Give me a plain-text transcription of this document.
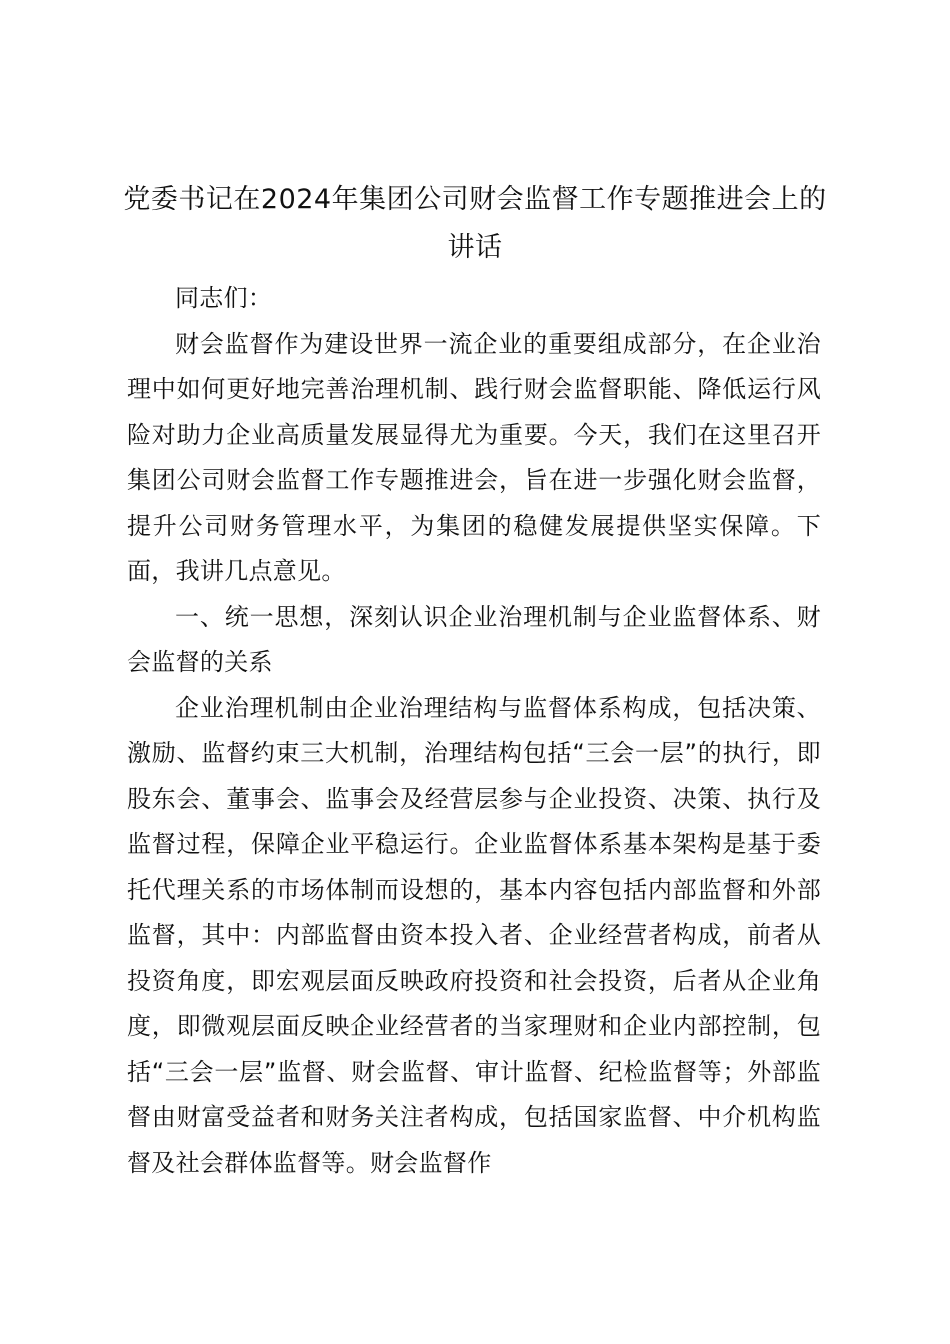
党委书记在2024年集团公司财会监督工作专题推进会上的讲话

同志们：

财会监督作为建设世界一流企业的重要组成部分，在企业治理中如何更好地完善治理机制、践行财会监督职能、降低运行风险对助力企业高质量发展显得尤为重要。今天，我们在这里召开集团公司财会监督工作专题推进会，旨在进一步强化财会监督，提升公司财务管理水平，为集团的稳健发展提供坚实保障。下面，我讲几点意见。

一、统一思想，深刻认识企业治理机制与企业监督体系、财会监督的关系

企业治理机制由企业治理结构与监督体系构成，包括决策、激励、监督约束三大机制，治理结构包括“三会一层”的执行，即股东会、董事会、监事会及经营层参与企业投资、决策、执行及监督过程，保障企业平稳运行。企业监督体系基本架构是基于委托代理关系的市场体制而设想的，基本内容包括内部监督和外部监督，其中：内部监督由资本投入者、企业经营者构成，前者从投资角度，即宏观层面反映政府投资和社会投资，后者从企业角度，即微观层面反映企业经营者的当家理财和企业内部控制，包括“三会一层”监督、财会监督、审计监督、纪检监督等；外部监督由财富受益者和财务关注者构成，包括国家监督、中介机构监督及社会群体监督等。财会监督作
